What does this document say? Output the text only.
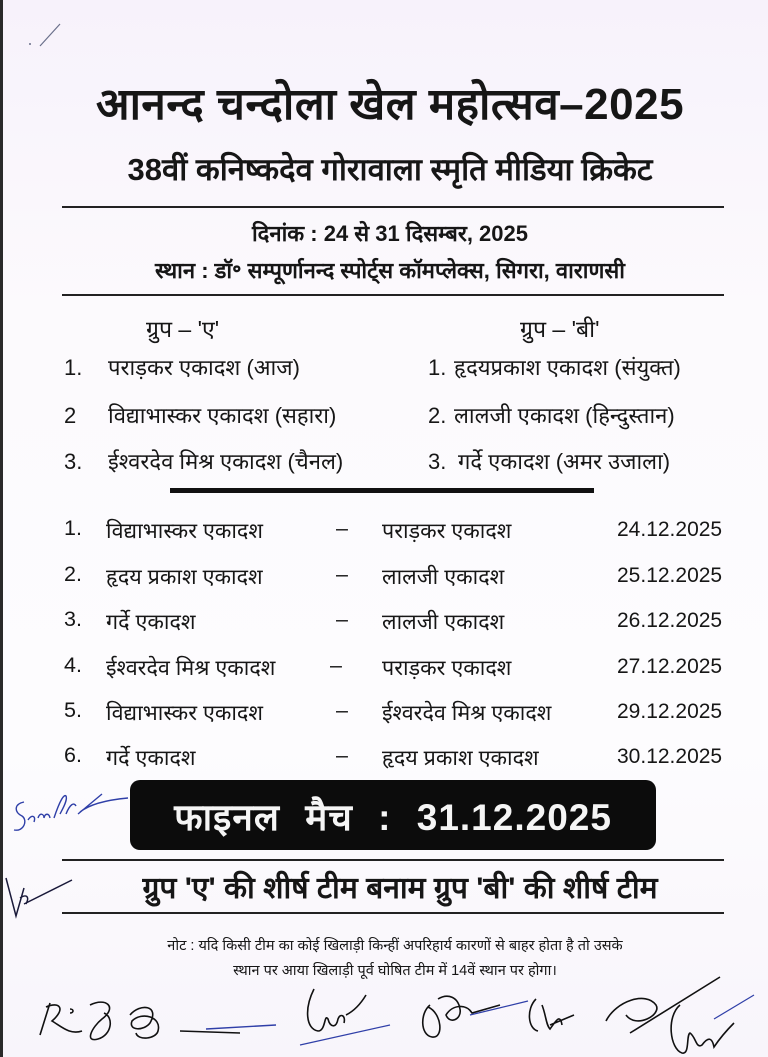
आनन्द चन्दोला खेल महोत्सव–2025
38वीं कनिष्कदेव गोरावाला स्मृति मीडिया क्रिकेट
दिनांक : 24 से 31 दिसम्बर, 2025
स्थान : डॉ॰ सम्पूर्णानन्द स्पोर्ट्स कॉमप्लेक्स, सिगरा, वाराणसी
ग्रुप – 'ए'
1. पराड़कर एकादश (आज)
2 विद्याभास्कर एकादश (सहारा)
3. ईश्वरदेव मिश्र एकादश (चैनल)
ग्रुप – 'बी'
1. हृदयप्रकाश एकादश (संयुक्त)
2. लालजी एकादश (हिन्दुस्तान)
3. गर्दे एकादश (अमर उजाला)
1. विद्याभास्कर एकादश	– पराड़कर एकादश	24.12.2025
2. हृदय प्रकाश एकादश	– लालजी एकादश	25.12.2025
3. गर्दे एकादश	– लालजी एकादश	26.12.2025
4. ईश्वरदेव मिश्र एकादश	– पराड़कर एकादश	27.12.2025
5. विद्याभास्कर एकादश	– ईश्वरदेव मिश्र एकादश	29.12.2025
6. गर्दे एकादश	– हृदय प्रकाश एकादश	30.12.2025
फाइनल मैच : 31.12.2025
ग्रुप 'ए' की शीर्ष टीम बनाम ग्रुप 'बी' की शीर्ष टीम
नोट : यदि किसी टीम का कोई खिलाड़ी किन्हीं अपरिहार्य कारणों से बाहर होता है तो उसके
स्थान पर आया खिलाड़ी पूर्व घोषित टीम में 14वें स्थान पर होगा।
